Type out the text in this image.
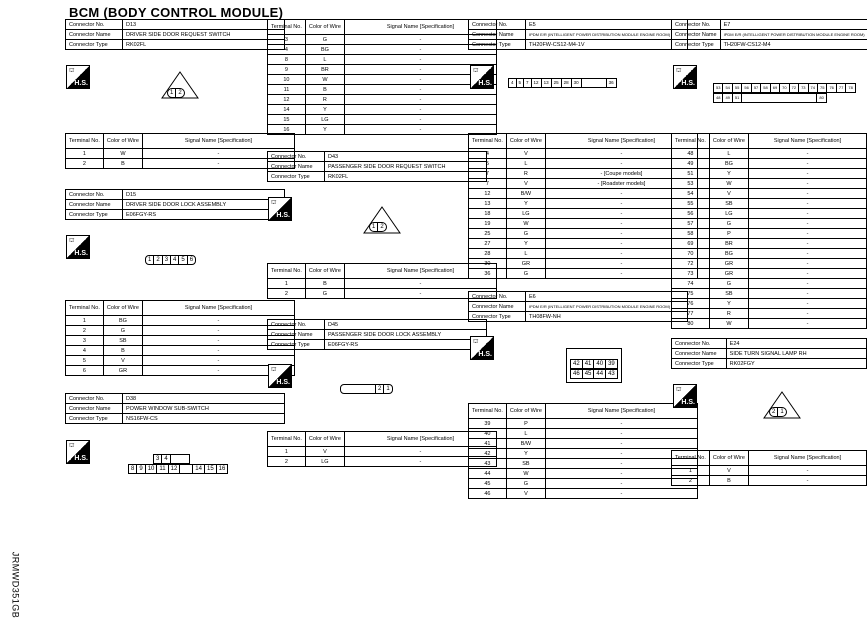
BCM (BODY CONTROL MODULE)
JRMWD351GB
Connector No.	D13
Connector Name	DRIVER SIDE DOOR REQUEST SWITCH
Connector Type	RK02FL
⛫
H.S.
1 2
Terminal No.	Color of Wire	Signal Name [Specification]
1	W	-
2	B	-
Connector No.	D15
Connector Name	DRIVER SIDE DOOR LOCK ASSEMBLY
Connector Type	E06FGY-RS
⛫
H.S.
1 2 3 4 5 6
Terminal No.	Color of Wire	Signal Name [Specification]
1	BG	-
2	G	-
3	SB	-
4	B	-
5	V	-
6	GR	-
Connector No.	D38
Connector Name	POWER WINDOW SUB-SWITCH
Connector Type	NS16FW-CS
⛫
H.S.	3 4
8 9 10 11 12	14 15 16
Terminal No.	Color of Wire	Signal Name [Specification]
3	G	-
4	BG	-
8	L	-
9	BR	-
10	W	-
11	B	-
12	R	-
14	Y	-
15	LG	-
16	Y	-
Connector No.	D43
Connector Name	PASSENGER SIDE DOOR REQUEST SWITCH
Connector Type	RK02FL
⛫
H.S.
1 2
Terminal No.	Color of Wire	Signal Name [Specification]
1	B	-
2	G	-
Connector No.	D45
Connector Name	PASSENGER SIDE DOOR LOCK ASSEMBLY
Connector Type	E06FGY-RS
⛫
H.S.
2 1
Terminal No.	Color of Wire	Signal Name [Specification]
1	V	-
2	LG	-
Connector No.	E5
Connector Name	IPDM E/R (INTELLIGENT POWER DISTRIBUTION MODULE ENGINE ROOM)
Connector Type	TH20FW-CS12-M4-1V
⛫
H.S.	4	5	7	12	13	25	28	30	36
Terminal No.	Color of Wire	Signal Name [Specification]
4	V	-
5	L	-
7	R	- [Coupe models]
7	V	- [Roadster models]
12	B/W	-
13	Y	-
18	LG	-
19	W	-
25	G	-
27	Y	-
28	L	-
30	GR	-
36	G	-
Connector No.	E6
Connector Name	IPDM E/R (INTELLIGENT POWER DISTRIBUTION MODULE ENGINE ROOM)
Connector Type	TH08FW-NH
⛫
H.S.
42 41 40 39
46 45 44 43
Terminal No.	Color of Wire	Signal Name [Specification]
39	P	-
40	L	-
41	B/W	-
42	Y	-
43	SB	-
44	W	-
45	G	-
46	V	-
Connector No.	E7
Connector Name	IPDM E/R (INTELLIGENT POWER DISTRIBUTION MODULE ENGINE ROOM)
Connector Type	TH20FW-CS12-M4
⛫
H.S.
53	54	55	56	57	58	69	70	72	73	74	75	76	77	78
48	49	51	80
Terminal No.	Color of Wire	Signal Name [Specification]
48	L	-
49	BG	-
51	Y	-
53	W	-
54	V	-
55	SB	-
56	LG	-
57	G	-
58	P	-
69	BR	-
70	BG	-
72	GR	-
73	GR	-
74	G	-
75	SB	-
76	Y	-
77	R	-
80	W	-
Connector No.	E24
Connector Name	SIDE TURN SIGNAL LAMP RH
Connector Type	RK02FGY
⛫
H.S.
2 1
Terminal No.	Color of Wire	Signal Name [Specification]
1	V	-
2	B	-
